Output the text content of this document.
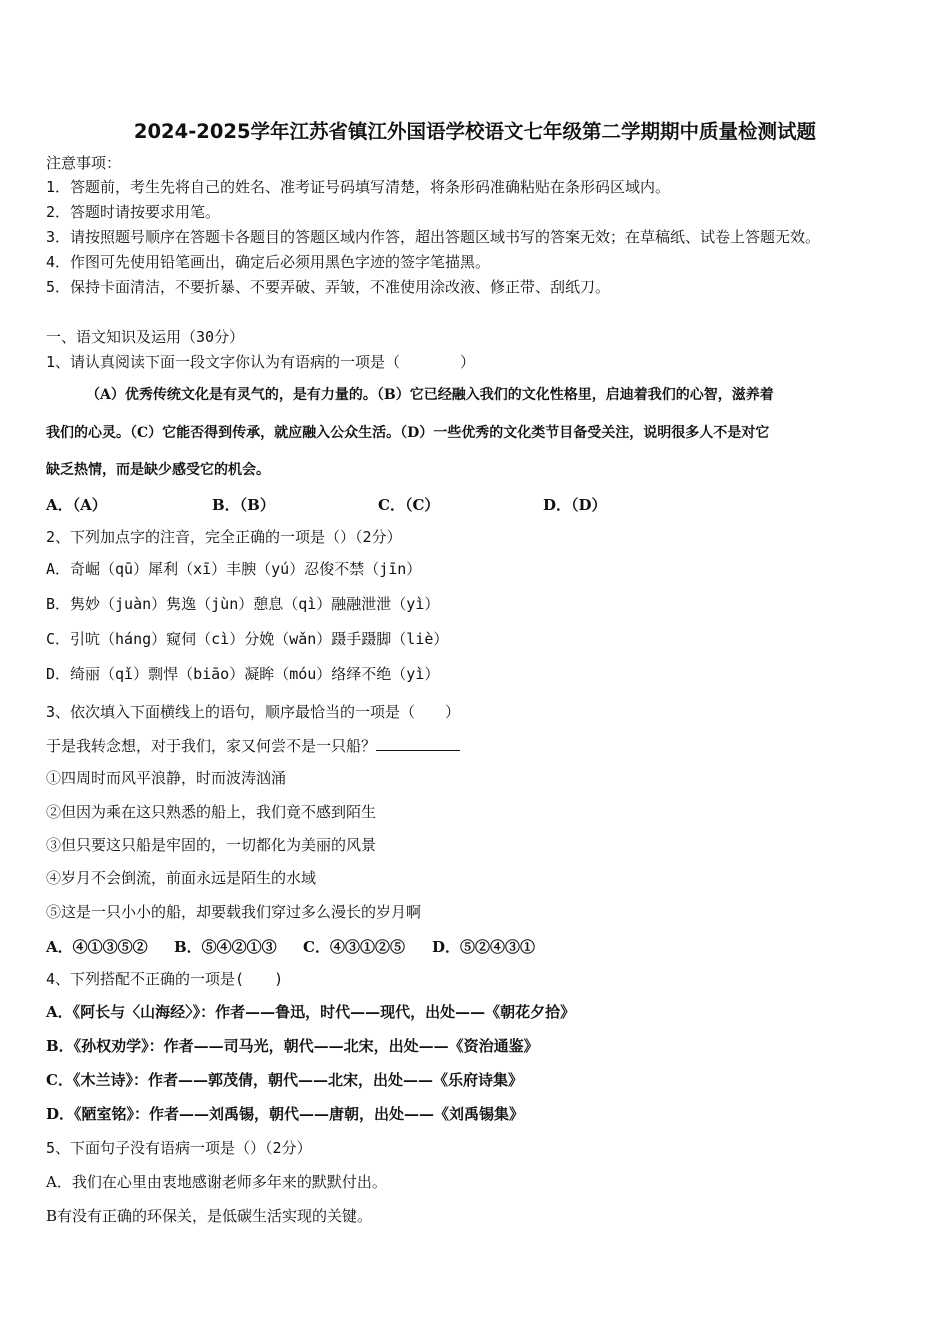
2024-2025学年江苏省镇江外国语学校语文七年级第二学期期中质量检测试题
注意事项：
1．答题前，考生先将自己的姓名、准考证号码填写清楚，将条形码准确粘贴在条形码区域内。
2．答题时请按要求用笔。
3．请按照题号顺序在答题卡各题目的答题区域内作答，超出答题区域书写的答案无效；在草稿纸、试卷上答题无效。
4．作图可先使用铅笔画出，确定后必须用黑色字迹的签字笔描黑。
5．保持卡面清洁，不要折暴、不要弄破、弄皱，不准使用涂改液、修正带、刮纸刀。
一、语文知识及运用（30分）
1、请认真阅读下面一段文字你认为有语病的一项是（　　　　）
（A）优秀传统文化是有灵气的，是有力量的。（B）它已经融入我们的文化性格里，启迪着我们的心智，滋养着
我们的心灵。（C）它能否得到传承，就应融入公众生活。（D）一些优秀的文化类节目备受关注，说明很多人不是对它
缺乏热情，而是缺少感受它的机会。
A．（A）	B．（B）	C．（C）	D．（D）
2、下列加点字的注音，完全正确的一项是（）（2分）
A．奇崛（qū）犀利（xī）丰腴（yú）忍俊不禁（jīn）
B．隽妙（juàn）隽逸（jùn）憩息（qì）融融泄泄（yì）
C．引吭（háng）窥伺（cì）分娩（wǎn）蹑手蹑脚（liè）
D．绮丽（qǐ）剽悍（biāo）凝眸（móu）络绎不绝（yì）
3、依次填入下面横线上的语句，顺序最恰当的一项是（　　）
于是我转念想，对于我们，家又何尝不是一只船？
①四周时而风平浪静，时而波涛汹涌
②但因为乘在这只熟悉的船上，我们竟不感到陌生
③但只要这只船是牢固的，一切都化为美丽的风景
④岁月不会倒流，前面永远是陌生的水域
⑤这是一只小小的船，却要载我们穿过多么漫长的岁月啊
A．④①③⑤② B．⑤④②①③ C．④③①②⑤ D．⑤②④③①
4、下列搭配不正确的一项是(　　)
A．《阿长与〈山海经〉》：作者——鲁迅，时代——现代，出处——《朝花夕拾》
B．《孙权劝学》：作者——司马光，朝代——北宋，出处——《资治通鉴》
C．《木兰诗》：作者——郭茂倩，朝代——北宋，出处——《乐府诗集》
D．《陋室铭》：作者——刘禹锡，朝代——唐朝，出处——《刘禹锡集》
5、下面句子没有语病一项是（）（2分）
A．我们在心里由衷地感谢老师多年来的默默付出。
B有没有正确的环保关，是低碳生活实现的关键。
